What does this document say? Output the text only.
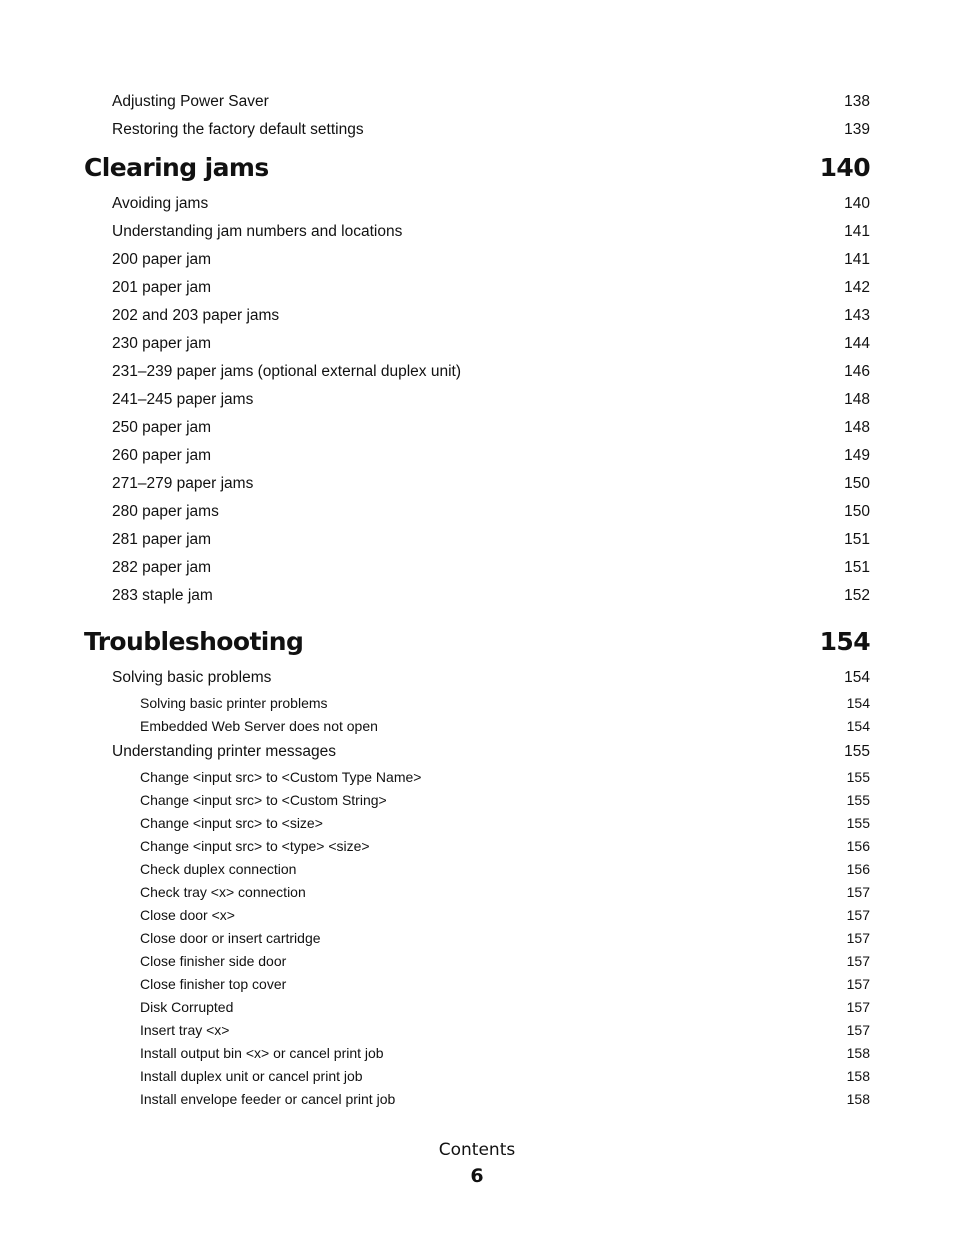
Adjusting Power Saver	138
Restoring the factory default settings	139
Clearing jams	140
Avoiding jams	140
Understanding jam numbers and locations	141
200 paper jam	141
201 paper jam	142
202 and 203 paper jams	143
230 paper jam	144
231–239 paper jams (optional external duplex unit)	146
241–245 paper jams	148
250 paper jam	148
260 paper jam	149
271–279 paper jams	150
280 paper jams	150
281 paper jam	151
282 paper jam	151
283 staple jam	152
Troubleshooting	154
Solving basic problems	154
Solving basic printer problems	154
Embedded Web Server does not open	154
Understanding printer messages	155
Change <input src> to <Custom Type Name>	155
Change <input src> to <Custom String>	155
Change <input src> to <size>	155
Change <input src> to <type> <size>	156
Check duplex connection	156
Check tray <x> connection	157
Close door <x>	157
Close door or insert cartridge	157
Close finisher side door	157
Close finisher top cover	157
Disk Corrupted	157
Insert tray <x>	157
Install output bin <x> or cancel print job	158
Install duplex unit or cancel print job	158
Install envelope feeder or cancel print job	158
Contents
6
